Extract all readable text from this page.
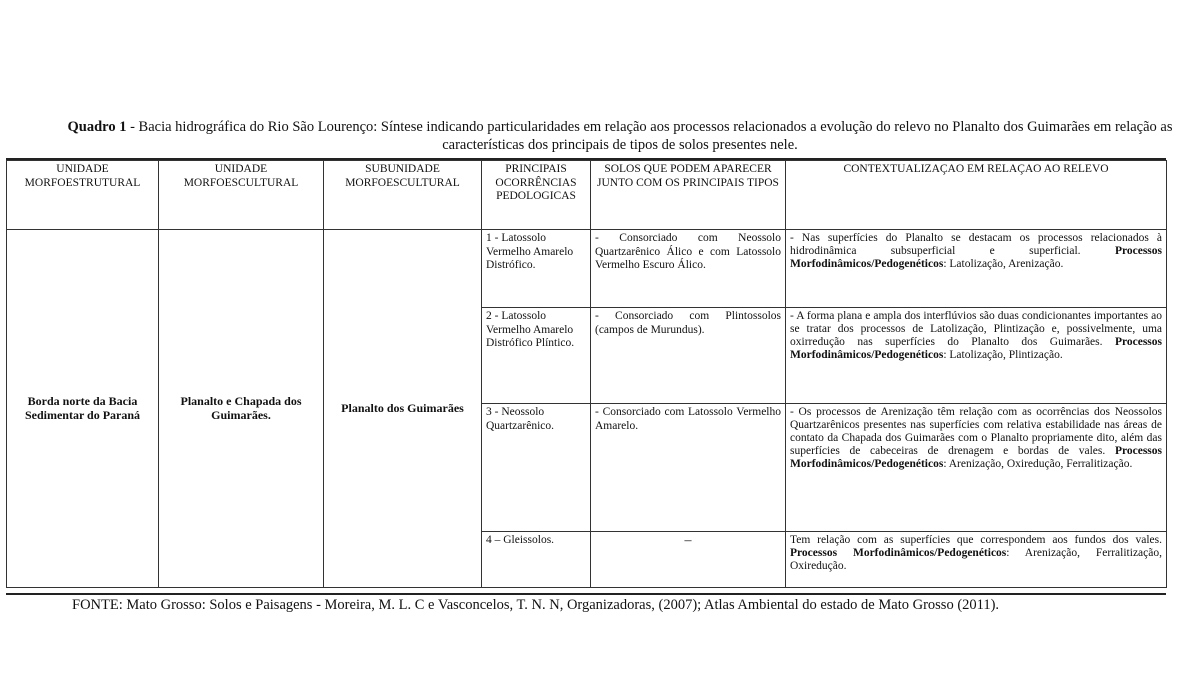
Quadro 1 - Bacia hidrográfica do Rio São Lourenço: Síntese indicando particularidades em relação aos processos relacionados a evolução do relevo no Planalto dos Guimarães em relação as características dos principais de tipos de solos presentes nele.
UNIDADE MORFOESTRUTURAL	UNIDADE MORFOESCULTURAL	SUBUNIDADE MORFOESCULTURAL	PRINCIPAIS OCORRÊNCIAS PEDOLOGICAS	SOLOS QUE PODEM APARECER JUNTO COM OS PRINCIPAIS TIPOS	CONTEXTUALIZAÇAO EM RELAÇAO AO RELEVO
Borda norte da Bacia Sedimentar do Paraná	Planalto e Chapada dos Guimarães.	Planalto dos Guimarães	1 - Latossolo Vermelho Amarelo Distrófico.	- Consorciado com Neossolo Quartzarênico Álico e com Latossolo Vermelho Escuro Álico.	- Nas superfícies do Planalto se destacam os processos relacionados à hidrodinâmica subsuperficial e superficial. Processos Morfodinâmicos/Pedogenéticos: Latolização, Arenização.
			2 - Latossolo Vermelho Amarelo Distrófico Plíntico.	- Consorciado com Plintossolos (campos de Murundus).	- A forma plana e ampla dos interflúvios são duas condicionantes importantes ao se tratar dos processos de Latolização, Plintização e, possivelmente, uma oxirredução nas superfícies do Planalto dos Guimarães. Processos Morfodinâmicos/Pedogenéticos: Latolização, Plintização.
			3 - Neossolo Quartzarênico.	- Consorciado com Latossolo Vermelho Amarelo.	- Os processos de Arenização têm relação com as ocorrências dos Neossolos Quartzarênicos presentes nas superfícies com relativa estabilidade nas áreas de contato da Chapada dos Guimarães com o Planalto propriamente dito, além das superfícies de cabeceiras de drenagem e bordas de vales. Processos Morfodinâmicos/Pedogenéticos: Arenização, Oxiredução, Ferralitização.
			4 – Gleissolos.	–	Tem relação com as superfícies que correspondem aos fundos dos vales. Processos Morfodinâmicos/Pedogenéticos: Arenização, Ferralitização, Oxiredução.
FONTE: Mato Grosso: Solos e Paisagens - Moreira, M. L. C e Vasconcelos, T. N. N, Organizadoras, (2007); Atlas Ambiental do estado de Mato Grosso (2011).
